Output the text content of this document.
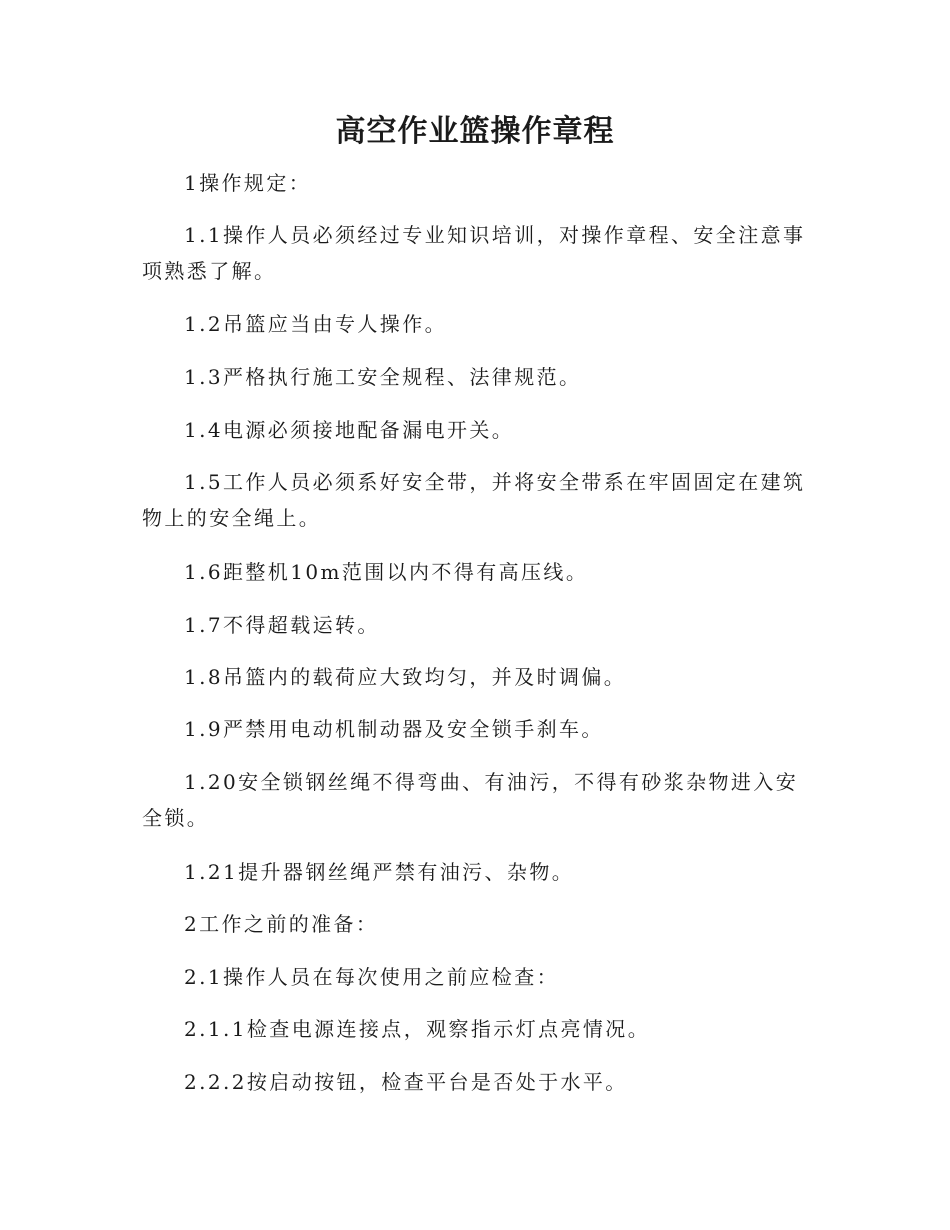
高空作业篮操作章程

1操作规定：

1.1操作人员必须经过专业知识培训，对操作章程、安全注意事项熟悉了解。

1.2吊篮应当由专人操作。

1.3严格执行施工安全规程、法律规范。

1.4电源必须接地配备漏电开关。

1.5工作人员必须系好安全带，并将安全带系在牢固固定在建筑物上的安全绳上。

1.6距整机10m范围以内不得有高压线。

1.7不得超载运转。

1.8吊篮内的载荷应大致均匀，并及时调偏。

1.9严禁用电动机制动器及安全锁手刹车。

1.20安全锁钢丝绳不得弯曲、有油污，不得有砂浆杂物进入安全锁。

1.21提升器钢丝绳严禁有油污、杂物。

2工作之前的准备：

2.1操作人员在每次使用之前应检查：

2.1.1检查电源连接点，观察指示灯点亮情况。

2.2.2按启动按钮，检查平台是否处于水平。
